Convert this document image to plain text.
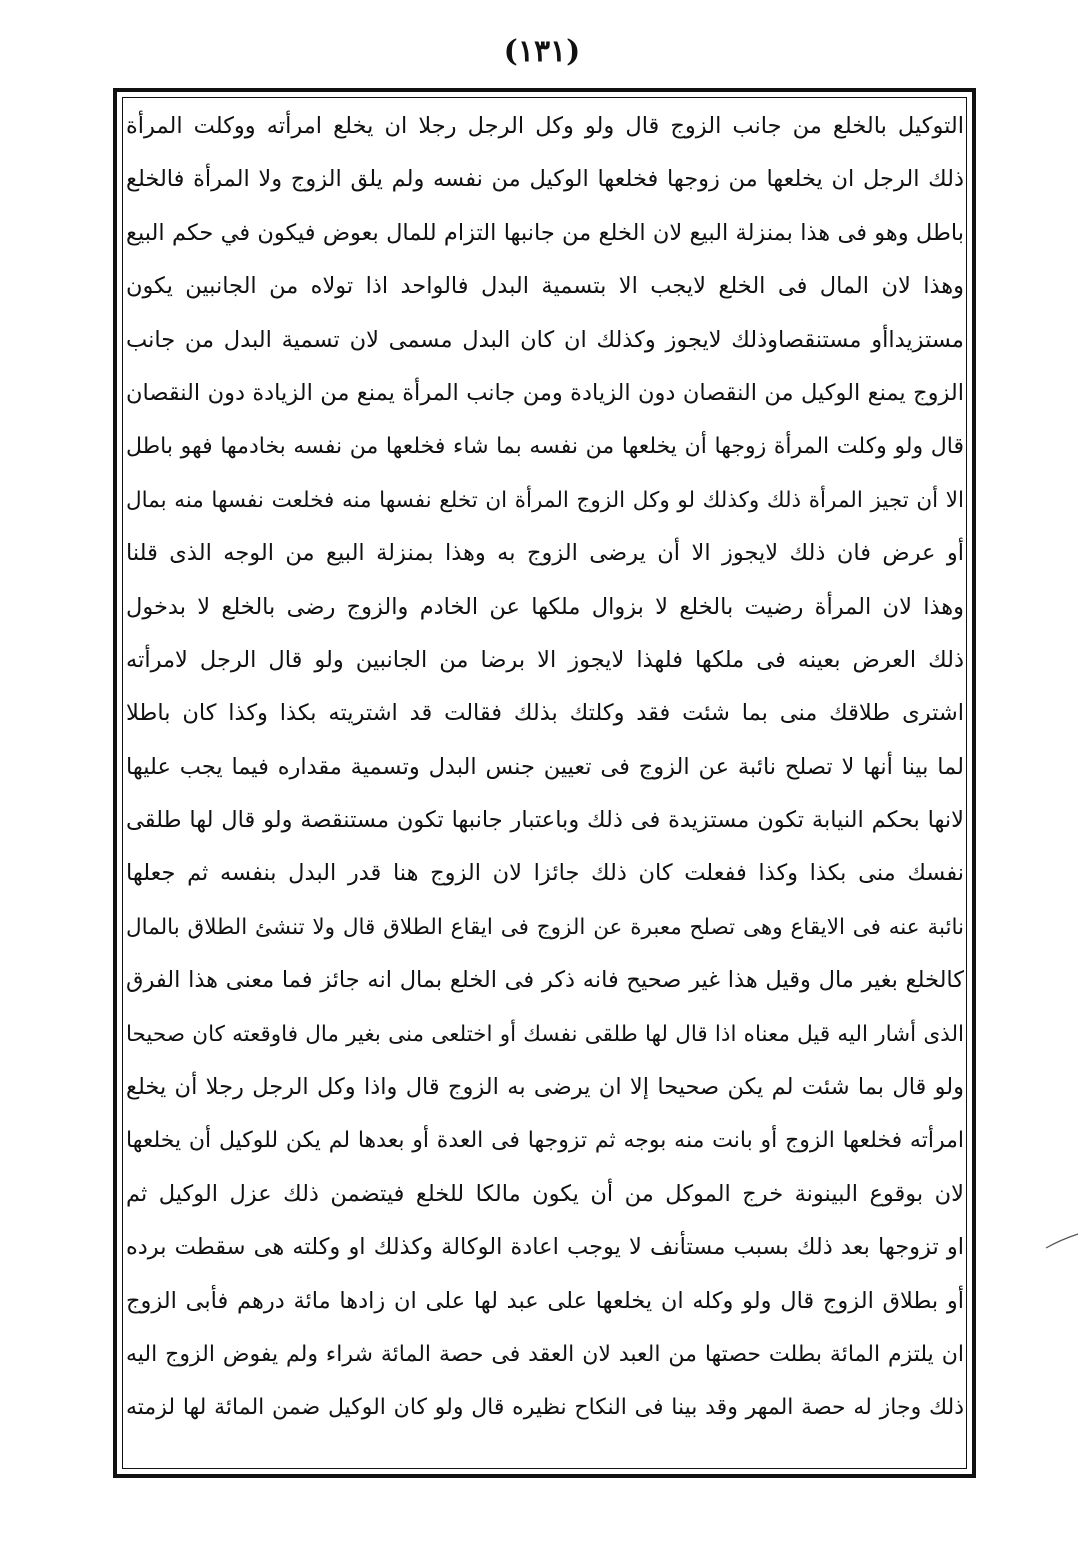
(١٣١)
التوكيل بالخلع من جانب الزوج قال ولو وكل الرجل رجلا ان يخلع امرأته ووكلت المرأة
ذلك الرجل ان يخلعها من زوجها فخلعها الوكيل من نفسه ولم يلق الزوج ولا المرأة فالخلع
باطل وهو فى هذا بمنزلة البيع لان الخلع من جانبها التزام للمال بعوض فيكون في حكم البيع
وهذا لان المال فى الخلع لايجب الا بتسمية البدل فالواحد اذا تولاه من الجانبين يكون
مستزيداأو مستنقصاوذلك لايجوز وكذلك ان كان البدل مسمى لان تسمية البدل من جانب
الزوج يمنع الوكيل من النقصان دون الزيادة ومن جانب المرأة يمنع من الزيادة دون النقصان
قال ولو وكلت المرأة زوجها أن يخلعها من نفسه بما شاء فخلعها من نفسه بخادمها فهو باطل
الا أن تجيز المرأة ذلك وكذلك لو وكل الزوج المرأة ان تخلع نفسها منه فخلعت نفسها منه بمال
أو عرض فان ذلك لايجوز الا أن يرضى الزوج به وهذا بمنزلة البيع من الوجه الذى قلنا
وهذا لان المرأة رضيت بالخلع لا بزوال ملكها عن الخادم والزوج رضى بالخلع لا بدخول
ذلك العرض بعينه فى ملكها فلهذا لايجوز الا برضا من الجانبين ولو قال الرجل لامرأته
اشترى طلاقك منى بما شئت فقد وكلتك بذلك فقالت قد اشتريته بكذا وكذا كان باطلا
لما بينا أنها لا تصلح نائبة عن الزوج فى تعيين جنس البدل وتسمية مقداره فيما يجب عليها
لانها بحكم النيابة تكون مستزيدة فى ذلك وباعتبار جانبها تكون مستنقصة ولو قال لها طلقى
نفسك منى بكذا وكذا ففعلت كان ذلك جائزا لان الزوج هنا قدر البدل بنفسه ثم جعلها
نائبة عنه فى الايقاع وهى تصلح معبرة عن الزوج فى ايقاع الطلاق قال ولا تنشئ الطلاق بالمال
كالخلع بغير مال وقيل هذا غير صحيح فانه ذكر فى الخلع بمال انه جائز فما معنى هذا الفرق
الذى أشار اليه قيل معناه اذا قال لها طلقى نفسك أو اختلعى منى بغير مال فاوقعته كان صحيحا
ولو قال بما شئت لم يكن صحيحا إلا ان يرضى به الزوج قال واذا وكل الرجل رجلا أن يخلع
امرأته فخلعها الزوج أو بانت منه بوجه ثم تزوجها فى العدة أو بعدها لم يكن للوكيل أن يخلعها
لان بوقوع البينونة خرج الموكل من أن يكون مالكا للخلع فيتضمن ذلك عزل الوكيل ثم
او تزوجها بعد ذلك بسبب مستأنف لا يوجب اعادة الوكالة وكذلك او وكلته هى سقطت برده
أو بطلاق الزوج قال ولو وكله ان يخلعها على عبد لها على ان زادها مائة درهم فأبى الزوج
ان يلتزم المائة بطلت حصتها من العبد لان العقد فى حصة المائة شراء ولم يفوض الزوج اليه
ذلك وجاز له حصة المهر وقد بينا فى النكاح نظيره قال ولو كان الوكيل ضمن المائة لها لزمته
